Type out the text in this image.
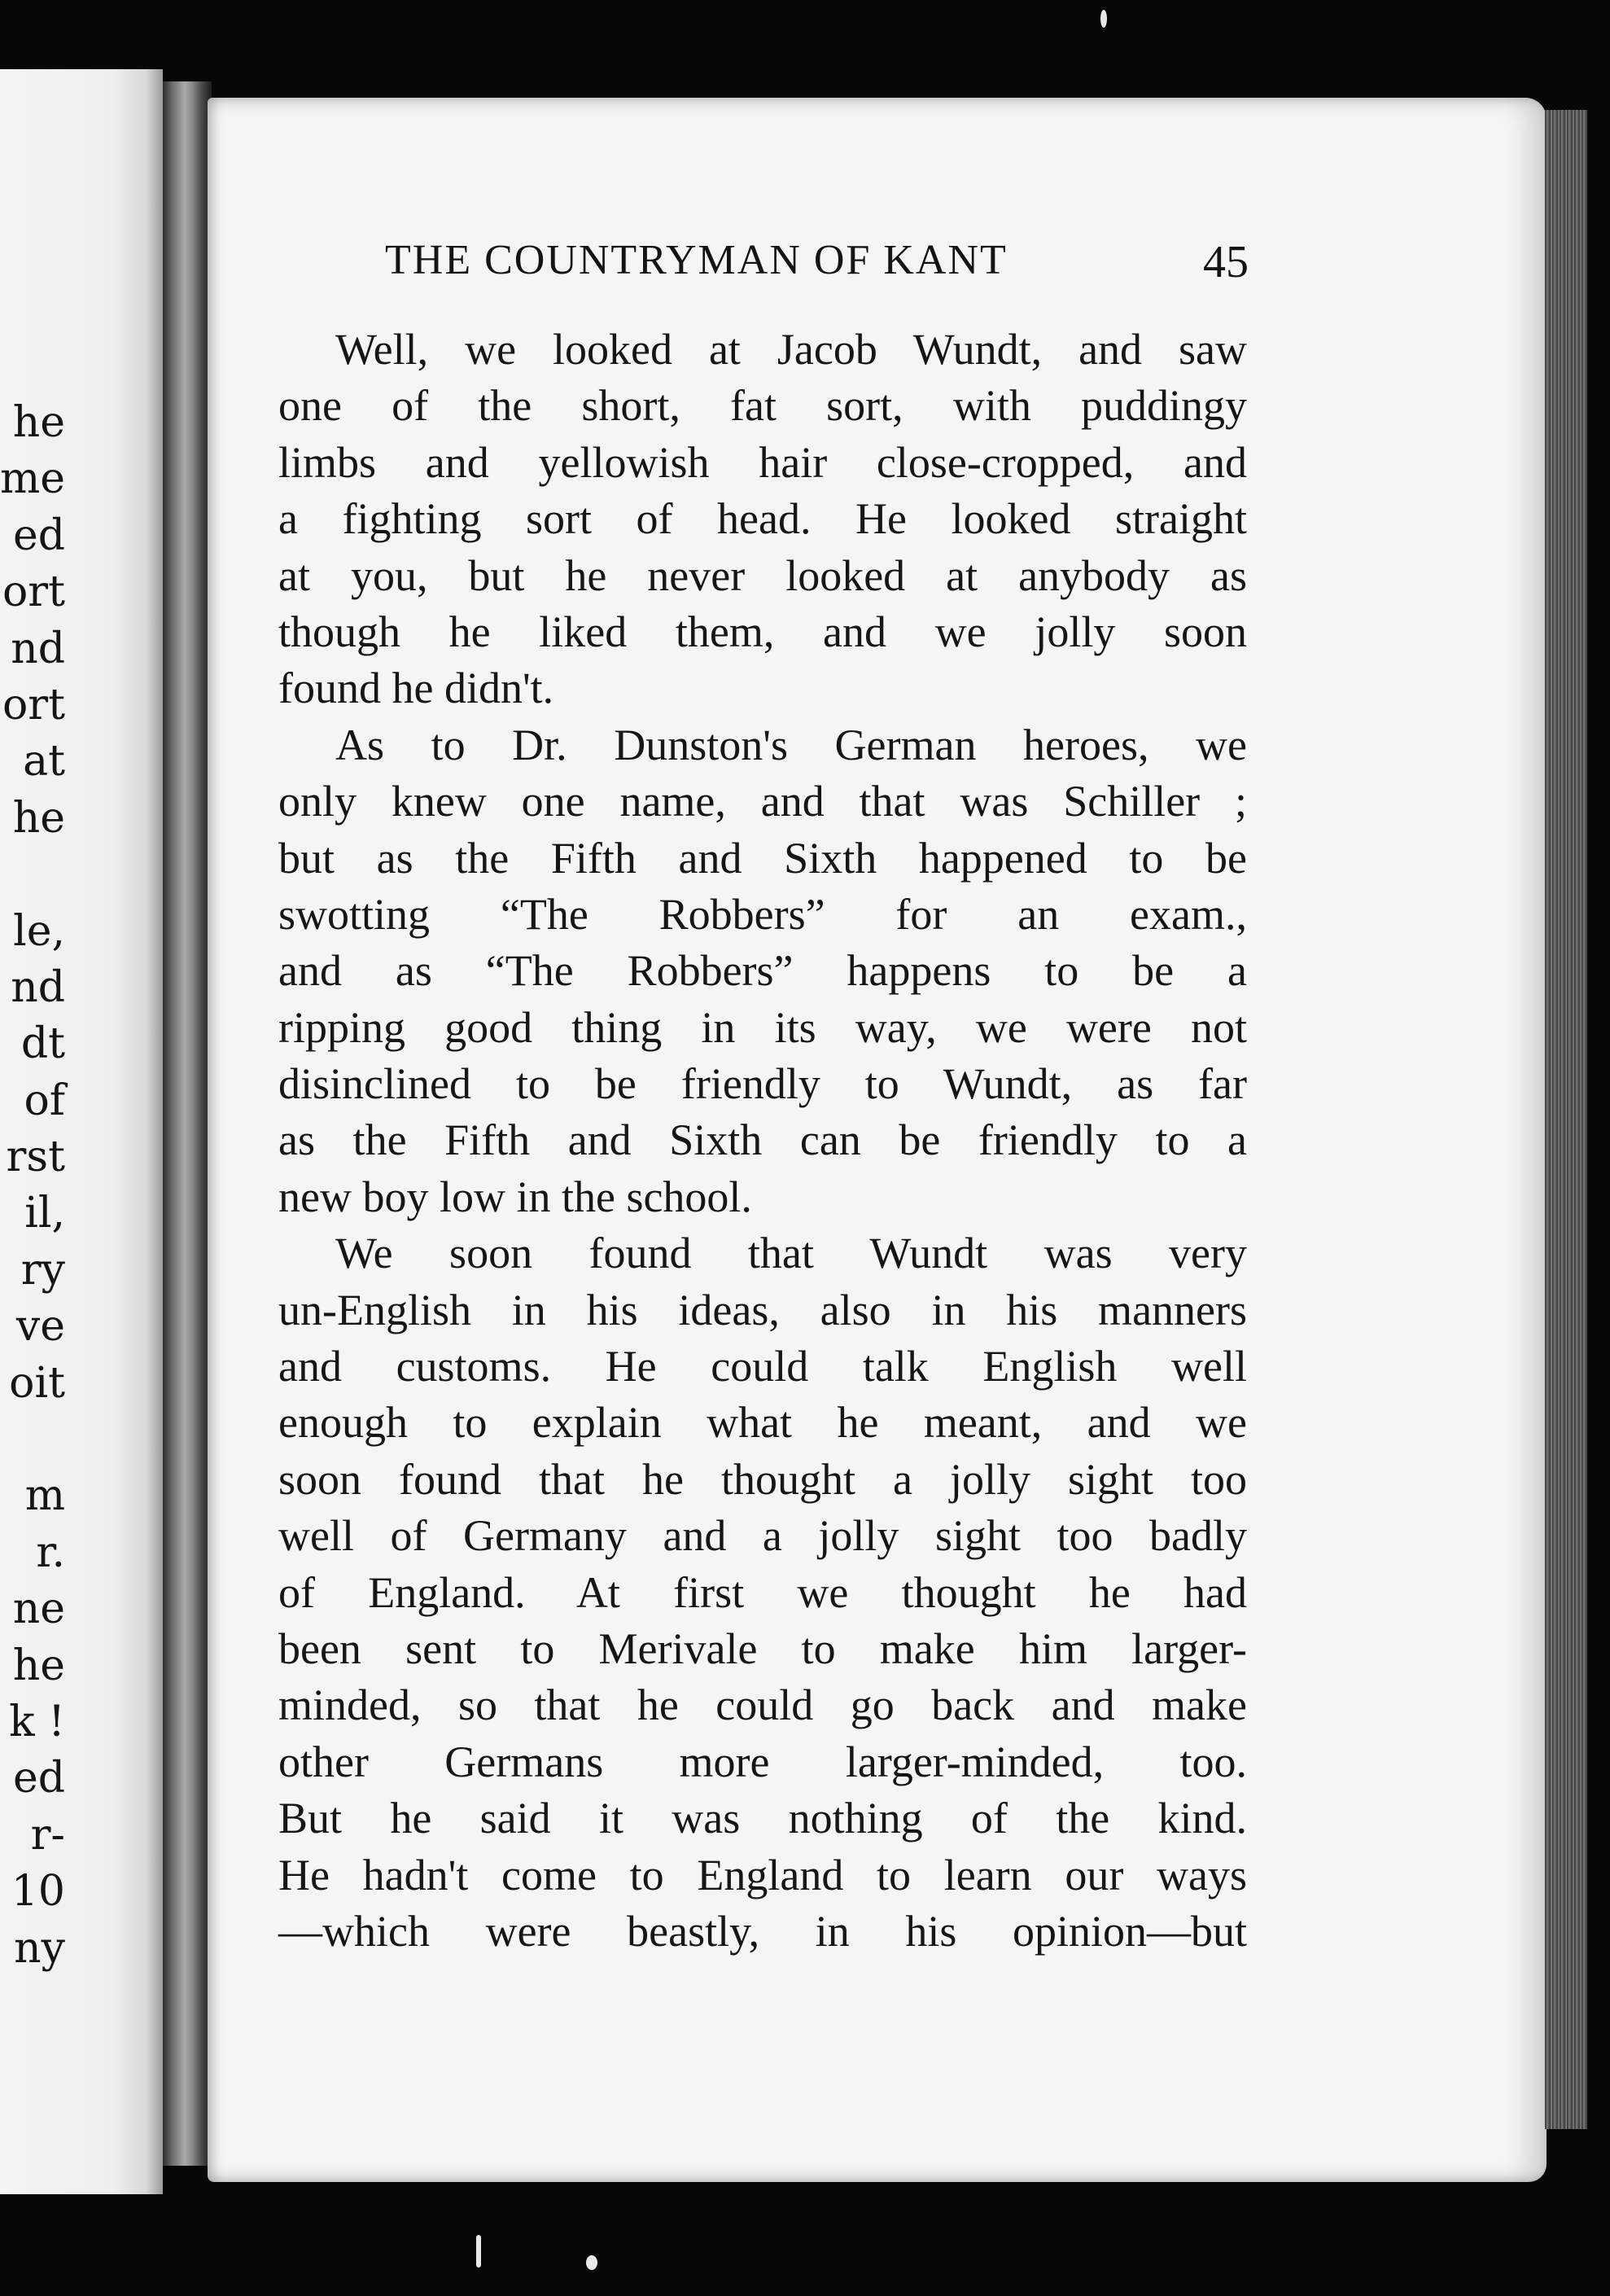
he
me
ed
ort
nd
ort
at
he
le,
nd
dt
of
rst
il,
ry
ve
oit
m
r.
ne
he
k !
ed
r-
10
ny
THE COUNTRYMAN OF KANT	45
Well, we looked at Jacob Wundt, and saw
one of the short, fat sort, with puddingy
limbs and yellowish hair close-cropped, and
a fighting sort of head. He looked straight
at you, but he never looked at anybody as
though he liked them, and we jolly soon
found he didn't.
As to Dr. Dunston's German heroes, we
only knew one name, and that was Schiller ;
but as the Fifth and Sixth happened to be
swotting “The Robbers” for an exam.,
and as “The Robbers” happens to be a
ripping good thing in its way, we were not
disinclined to be friendly to Wundt, as far
as the Fifth and Sixth can be friendly to a
new boy low in the school.
We soon found that Wundt was very
un-English in his ideas, also in his manners
and customs. He could talk English well
enough to explain what he meant, and we
soon found that he thought a jolly sight too
well of Germany and a jolly sight too badly
of England. At first we thought he had
been sent to Merivale to make him larger-
minded, so that he could go back and make
other Germans more larger-minded, too.
But he said it was nothing of the kind.
He hadn't come to England to learn our ways
—which were beastly, in his opinion—but
